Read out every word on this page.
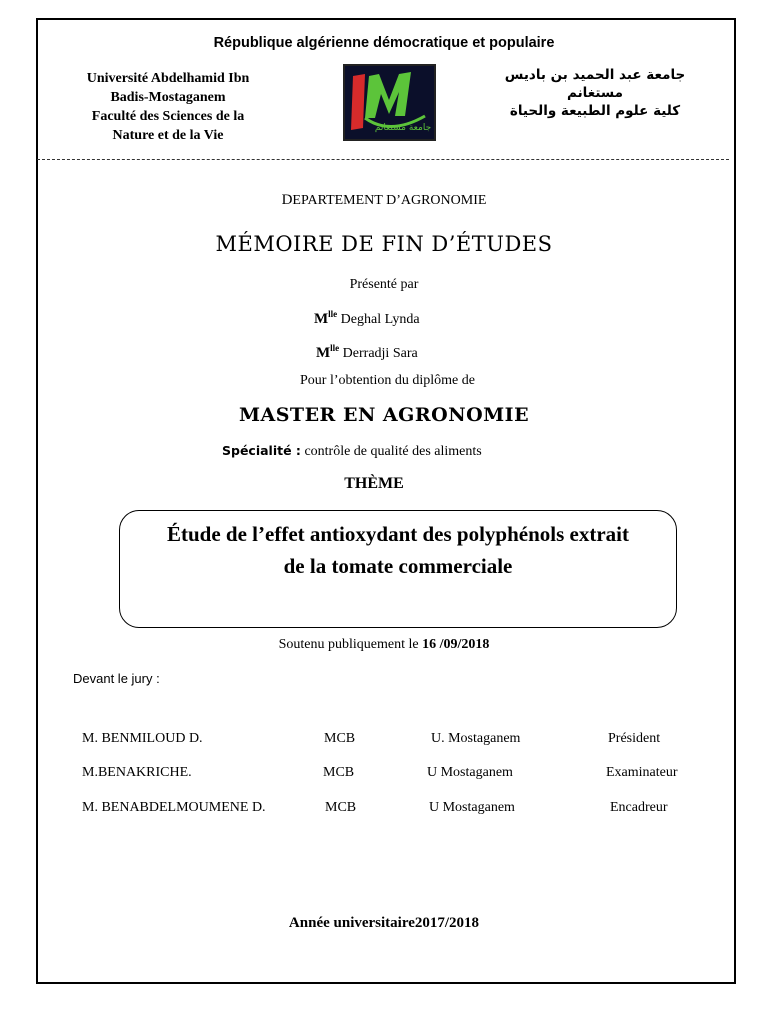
République algérienne démocratique et populaire
Université Abdelhamid Ibn
Badis-Mostaganem
Faculté des Sciences de la
Nature et de la Vie	جامعة مستغانم
جامعة عبد الحميد بن باديس
مستغانم
كلية علوم الطبيعة والحياة
DEPARTEMENT D’AGRONOMIE
MÉMOIRE DE FIN D’ÉTUDES
Présenté par
$M^{lle}$ Deghal Lynda
$M^{lle}$ Derradji Sara
Pour l’obtention du diplôme de
MASTER EN AGRONOMIE
Spécialité : contrôle de qualité des aliments
THÈME
Étude de l’effet antioxydant des polyphénols extrait
de la tomate commerciale
Soutenu publiquement le 16 /09/2018
Devant le jury :
M. BENMILOUD D.	MCB	U. Mostaganem	Président
M.BENAKRICHE.	MCB	U Mostaganem	Examinateur
M. BENABDELMOUMENE D.	MCB	U Mostaganem	Encadreur
Année universitaire2017/2018
